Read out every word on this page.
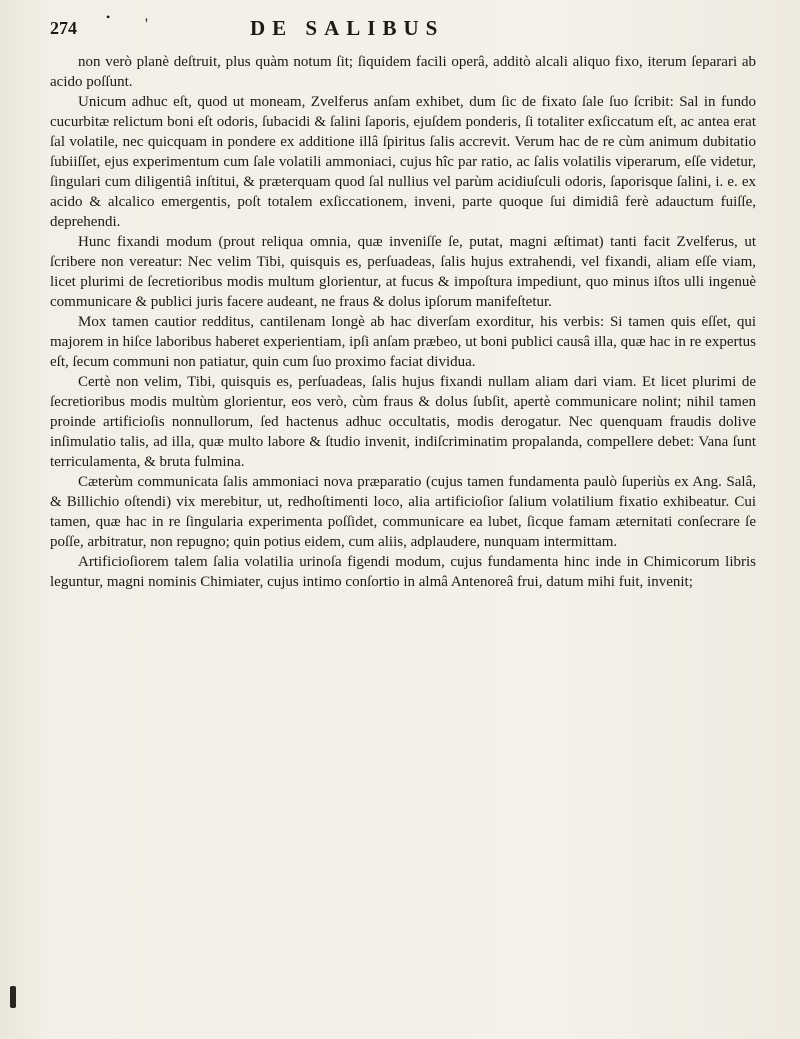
274
• '	DE SALIBUS

non verò planè deſtruit, plus quàm notum ſit; ſiquidem facili operâ, additò alcali aliquo fixo, iterum ſeparari ab acido poſſunt.

Unicum adhuc eſt, quod ut moneam, Zvelferus anſam exhibet, dum ſic de fixato ſale ſuo ſcribit: Sal in fundo cucurbitæ relictum boni eſt odoris, ſubacidi & ſalini ſaporis, ejuſdem ponderis, ſi totaliter exſiccatum eſt, ac antea erat ſal volatile, nec quicquam in pondere ex additione illâ ſpiritus ſalis accrevit. Verum hac de re cùm animum dubitatio ſubiiſſet, ejus experimentum cum ſale volatili ammoniaci, cujus hîc par ratio, ac ſalis volatilis viperarum, eſſe videtur, ſingulari cum diligentiâ inſtitui, & præterquam quod ſal nullius vel parùm acidiuſculi odoris, ſaporisque ſalini, i. e. ex acido & alcalico emergentis, poſt totalem exſiccationem, inveni, parte quoque ſui dimidiâ ferè adauctum fuiſſe, deprehendi.

Hunc fixandi modum (prout reliqua omnia, quæ inveniſſe ſe, putat, magni æſtimat) tanti facit Zvelferus, ut ſcribere non vereatur: Nec velim Tibi, quisquis es, perſuadeas, ſalis hujus extrahendi, vel fixandi, aliam eſſe viam, licet plurimi de ſecretioribus modis multum glorientur, at fucus & impoſtura impediunt, quo minus iſtos ulli ingenuè communicare & publici juris facere audeant, ne fraus & dolus ipſorum manifeſtetur.

Mox tamen cautior redditus, cantilenam longè ab hac diverſam exorditur, his verbis: Si tamen quis eſſet, qui majorem in hiſce laboribus haberet experientiam, ipſi anſam præbeo, ut boni publici causâ illa, quæ hac in re expertus eſt, ſecum communi non patiatur, quin cum ſuo proximo faciat dividua.

Certè non velim, Tibi, quisquis es, perſuadeas, ſalis hujus fixandi nullam aliam dari viam. Et licet plurimi de ſecretioribus modis multùm glorientur, eos verò, cùm fraus & dolus ſubſit, apertè communicare nolint; nihil tamen proinde artificioſis nonnullorum, ſed hactenus adhuc occultatis, modis derogatur. Nec quenquam fraudis dolive inſimulatio talis, ad illa, quæ multo labore & ſtudio invenit, indiſcriminatim propalanda, compellere debet: Vana ſunt terriculamenta, & bruta fulmina.

Cæterùm communicata ſalis ammoniaci nova præparatio (cujus tamen fundamenta paulò ſuperiùs ex Ang. Salâ, & Billichio oſtendi) vix merebitur, ut, redhoſtimenti loco, alia artificioſior ſalium volatilium fixatio exhibeatur. Cui tamen, quæ hac in re ſingularia experimenta poſſidet, communicare ea lubet, ſicque famam æternitati conſecrare ſe poſſe, arbitratur, non repugno; quin potius eidem, cum aliis, adplaudere, nunquam intermittam.

Artificioſiorem talem ſalia volatilia urinoſa figendi modum, cujus fundamenta hinc inde in Chimicorum libris leguntur, magni nominis Chimiater, cujus intimo conſortio in almâ Antenoreâ frui, datum mihi fuit, invenit;
